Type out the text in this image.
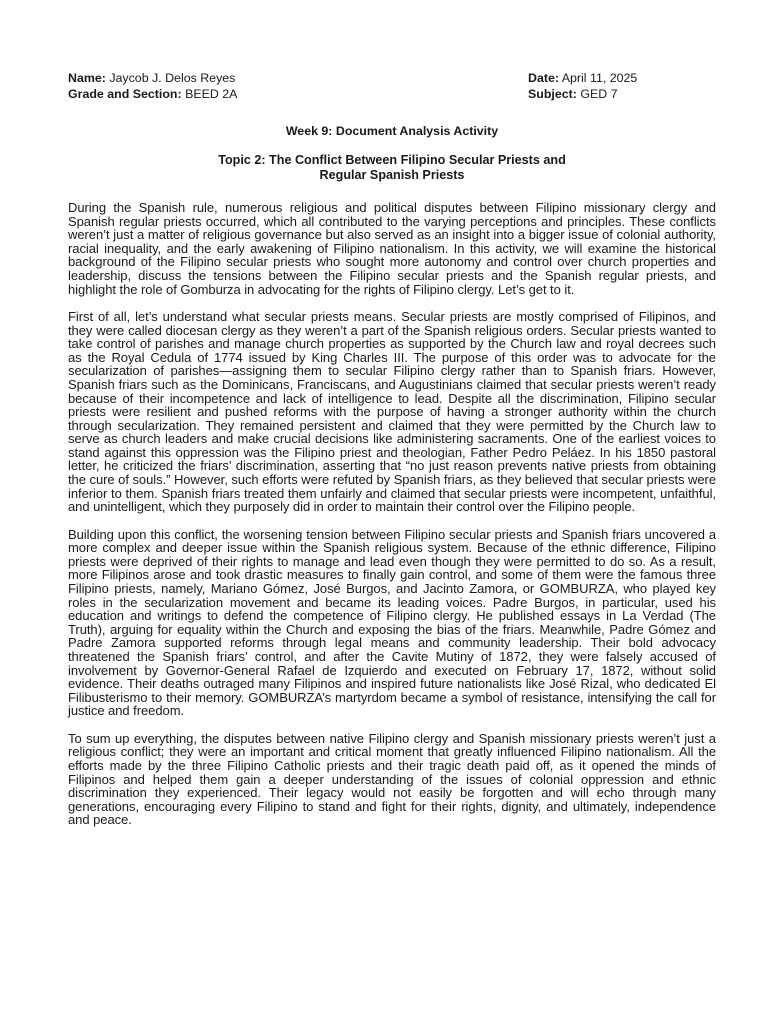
Name: Jaycob J. Delos Reyes
Grade and Section: BEED 2A
Date: April 11, 2025
Subject: GED 7
Week 9: Document Analysis Activity
Topic 2: The Conflict Between Filipino Secular Priests and
Regular Spanish Priests

During the Spanish rule, numerous religious and political disputes between Filipino missionary clergy and Spanish regular priests occurred, which all contributed to the varying perceptions and principles. These conflicts weren’t just a matter of religious governance but also served as an insight into a bigger issue of colonial authority, racial inequality, and the early awakening of Filipino nationalism. In this activity, we will examine the historical background of the Filipino secular priests who sought more autonomy and control over church properties and leadership, discuss the tensions between the Filipino secular priests and the Spanish regular priests, and highlight the role of Gomburza in advocating for the rights of Filipino clergy. Let’s get to it.

First of all, let’s understand what secular priests means. Secular priests are mostly comprised of Filipinos, and they were called diocesan clergy as they weren’t a part of the Spanish religious orders. Secular priests wanted to take control of parishes and manage church properties as supported by the Church law and royal decrees such as the Royal Cedula of 1774 issued by King Charles III. The purpose of this order was to advocate for the secularization of parishes—assigning them to secular Filipino clergy rather than to Spanish friars. However, Spanish friars such as the Dominicans, Franciscans, and Augustinians claimed that secular priests weren’t ready because of their incompetence and lack of intelligence to lead. Despite all the discrimination, Filipino secular priests were resilient and pushed reforms with the purpose of having a stronger authority within the church through secularization. They remained persistent and claimed that they were permitted by the Church law to serve as church leaders and make crucial decisions like administering sacraments. One of the earliest voices to stand against this oppression was the Filipino priest and theologian, Father Pedro Peláez. In his 1850 pastoral letter, he criticized the friars’ discrimination, asserting that “no just reason prevents native priests from obtaining the cure of souls.” However, such efforts were refuted by Spanish friars, as they believed that secular priests were inferior to them. Spanish friars treated them unfairly and claimed that secular priests were incompetent, unfaithful, and unintelligent, which they purposely did in order to maintain their control over the Filipino people.

Building upon this conflict, the worsening tension between Filipino secular priests and Spanish friars uncovered a more complex and deeper issue within the Spanish religious system. Because of the ethnic difference, Filipino priests were deprived of their rights to manage and lead even though they were permitted to do so. As a result, more Filipinos arose and took drastic measures to finally gain control, and some of them were the famous three Filipino priests, namely, Mariano Gómez, José Burgos, and Jacinto Zamora, or GOMBURZA, who played key roles in the secularization movement and became its leading voices. Padre Burgos, in particular, used his education and writings to defend the competence of Filipino clergy. He published essays in La Verdad (The Truth), arguing for equality within the Church and exposing the bias of the friars. Meanwhile, Padre Gómez and Padre Zamora supported reforms through legal means and community leadership. Their bold advocacy threatened the Spanish friars’ control, and after the Cavite Mutiny of 1872, they were falsely accused of involvement by Governor-General Rafael de Izquierdo and executed on February 17, 1872, without solid evidence. Their deaths outraged many Filipinos and inspired future nationalists like José Rizal, who dedicated El Filibusterismo to their memory. GOMBURZA’s martyrdom became a symbol of resistance, intensifying the call for justice and freedom.

To sum up everything, the disputes between native Filipino clergy and Spanish missionary priests weren’t just a religious conflict; they were an important and critical moment that greatly influenced Filipino nationalism. All the efforts made by the three Filipino Catholic priests and their tragic death paid off, as it opened the minds of Filipinos and helped them gain a deeper understanding of the issues of colonial oppression and ethnic discrimination they experienced. Their legacy would not easily be forgotten and will echo through many generations, encouraging every Filipino to stand and fight for their rights, dignity, and ultimately, independence and peace.
